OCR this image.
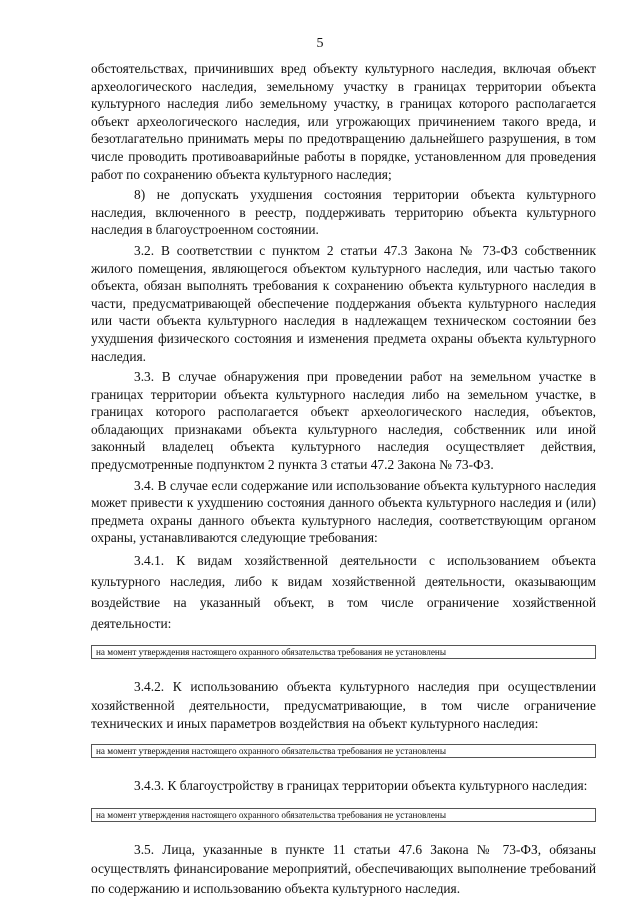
5

обстоятельствах, причинивших вред объекту культурного наследия, включая объект археологического наследия, земельному участку в границах территории объекта культурного наследия либо земельному участку, в границах которого располагается объект археологического наследия, или угрожающих причинением такого вреда, и безотлагательно принимать меры по предотвращению дальнейшего разрушения, в том числе проводить противоаварийные работы в порядке, установленном для проведения работ по сохранению объекта культурного наследия;

8) не допускать ухудшения состояния территории объекта культурного наследия, включенного в реестр, поддерживать территорию объекта культурного наследия в благоустроенном состоянии.

3.2. В соответствии с пунктом 2 статьи 47.3 Закона № 73-ФЗ собственник жилого помещения, являющегося объектом культурного наследия, или частью такого объекта, обязан выполнять требования к сохранению объекта культурного наследия в части, предусматривающей обеспечение поддержания объекта культурного наследия или части объекта культурного наследия в надлежащем техническом состоянии без ухудшения физического состояния и изменения предмета охраны объекта культурного наследия.

3.3. В случае обнаружения при проведении работ на земельном участке в границах территории объекта культурного наследия либо на земельном участке, в границах которого располагается объект археологического наследия, объектов, обладающих признаками объекта культурного наследия, собственник или иной законный владелец объекта культурного наследия осуществляет действия, предусмотренные подпунктом 2 пункта 3 статьи 47.2 Закона № 73-ФЗ.

3.4. В случае если содержание или использование объекта культурного наследия может привести к ухудшению состояния данного объекта культурного наследия и (или) предмета охраны данного объекта культурного наследия, соответствующим органом охраны, устанавливаются следующие требования:

3.4.1. К видам хозяйственной деятельности с использованием объекта культурного наследия, либо к видам хозяйственной деятельности, оказывающим воздействие на указанный объект, в том числе ограничение хозяйственной деятельности:

на момент утверждения настоящего охранного обязательства требования не установлены

3.4.2. К использованию объекта культурного наследия при осуществлении хозяйственной деятельности, предусматривающие, в том числе ограничение технических и иных параметров воздействия на объект культурного наследия:

на момент утверждения настоящего охранного обязательства требования не установлены

3.4.3. К благоустройству в границах территории объекта культурного наследия:

на момент утверждения настоящего охранного обязательства требования не установлены

3.5. Лица, указанные в пункте 11 статьи 47.6 Закона № 73-ФЗ, обязаны осуществлять финансирование мероприятий, обеспечивающих выполнение требований по содержанию и использованию объекта культурного наследия.
